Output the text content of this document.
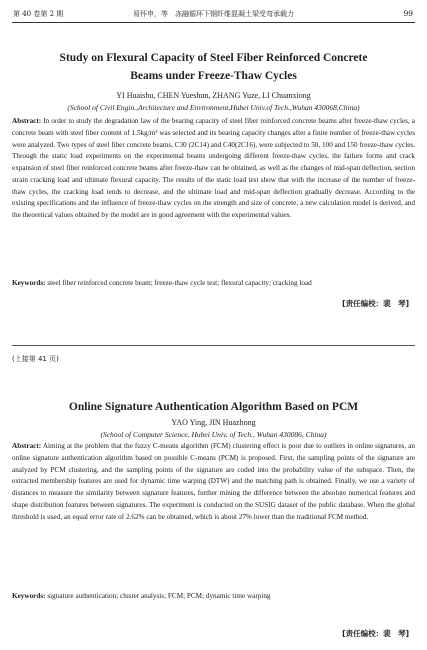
第 40 卷第 2 期	易怀申，等　冻融循环下钢纤维混凝土梁受弯承载力	99
Study on Flexural Capacity of Steel Fiber Reinforced Concrete
Beams under Freeze-Thaw Cycles
YI Huaishu, CHEN Yueshun, ZHANG Yuze, LI Chuanxiong
(School of Civil Engin.,Architecture and Environment,Hubei Univ.of Tech.,Wuhan 430068,China)
Abstract: In order to study the degradation law of the bearing capacity of steel fiber reinforced concrete beams after freeze-thaw cycles, a concrete beam with steel fiber content of 1.5kg/m³ was selected and its bearing capacity changes after a finite number of freeze-thaw cycles were analyzed. Two types of steel fiber concrete beams, C30 (2C14) and C40(2C16), were subjected to 50, 100 and 150 freeze-thaw cycles. Through the static load experiments on the experimental beams undergoing different freeze-thaw cycles, the failure forms and crack expansion of steel fiber reinforced concrete beams after freeze-thaw can be obtained, as well as the changes of mid-span deflection, section strain cracking load and ultimate flexural capacity. The results of the static load test show that with the increase of the number of freeze-thaw cycles, the cracking load tends to decrease, and the ultimate load and mid-span deflection gradually decrease. According to the existing specifications and the influence of freeze-thaw cycles on the strength and size of concrete, a new calculation model is derived, and the theoretical values obtained by the model are in good agreement with the experimental values.
Keywords: steel fiber reinforced concrete beam; freeze-thaw cycle test; flexural capacity; cracking load
[责任编校：裴　琴]
(上接第 41 页)
Online Signature Authentication Algorithm Based on PCM
YAO Ying, JIN Huazhong
(School of Computer Science, Hubei Univ. of Tech., Wuhan 430086, China)
Abstract: Aiming at the problem that the fuzzy C-means algorithm (FCM) clustering effect is poor due to outliers in online signatures, an online signature authentication algorithm based on possible C-means (PCM) is proposed. First, the sampling points of the signature are analyzed by PCM clustering, and the sampling points of the signature are coded into the probability value of the subspace. Then, the extracted membership features are used for dynamic time warping (DTW) and the matching path is obtained. Finally, we use a variety of distances to measure the similarity between signature features, further mining the difference between the absolute numerical features and shape distribution features between signatures. The experiment is conducted on the SUSIG dataset of the public database. When the global threshold is used, an equal error rate of 2.62% can be obtained, which is about 27% lower than the traditional FCM method.
Keywords: signature authentication; cluster analysis; FCM; PCM; dynamic time warping
[责任编校：裴　琴]
